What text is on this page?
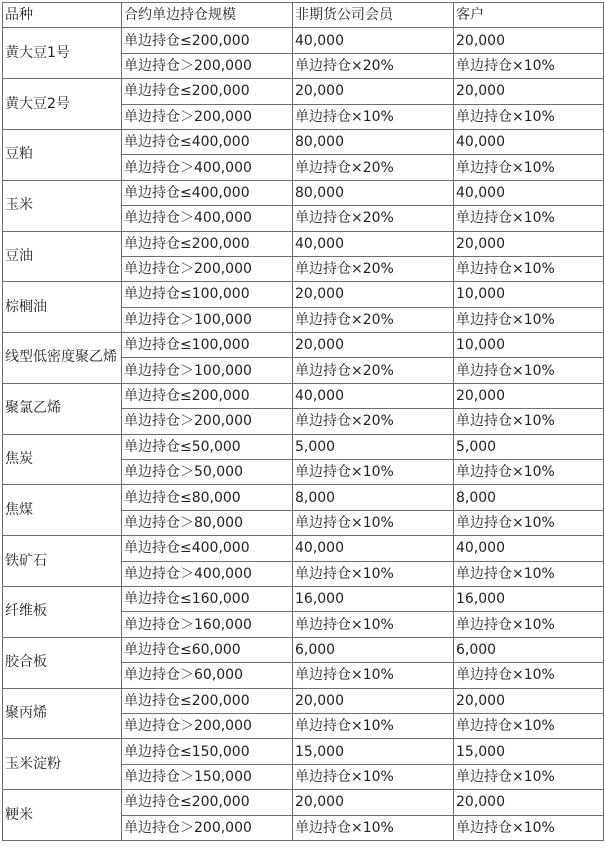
品种	合约单边持仓规模	非期货公司会员	客户
黄大豆1号	单边持仓≤200,000	40,000	20,000
	单边持仓＞200,000	单边持仓×20%	单边持仓×10%
黄大豆2号	单边持仓≤200,000	20,000	20,000
	单边持仓＞200,000	单边持仓×10%	单边持仓×10%
豆粕	单边持仓≤400,000	80,000	40,000
	单边持仓＞400,000	单边持仓×20%	单边持仓×10%
玉米	单边持仓≤400,000	80,000	40,000
	单边持仓＞400,000	单边持仓×20%	单边持仓×10%
豆油	单边持仓≤200,000	40,000	20,000
	单边持仓＞200,000	单边持仓×20%	单边持仓×10%
棕榈油	单边持仓≤100,000	20,000	10,000
	单边持仓＞100,000	单边持仓×20%	单边持仓×10%
线型低密度聚乙烯	单边持仓≤100,000	20,000	10,000
	单边持仓＞100,000	单边持仓×20%	单边持仓×10%
聚氯乙烯	单边持仓≤200,000	40,000	20,000
	单边持仓＞200,000	单边持仓×20%	单边持仓×10%
焦炭	单边持仓≤50,000	5,000	5,000
	单边持仓＞50,000	单边持仓×10%	单边持仓×10%
焦煤	单边持仓≤80,000	8,000	8,000
	单边持仓＞80,000	单边持仓×10%	单边持仓×10%
铁矿石	单边持仓≤400,000	40,000	40,000
	单边持仓＞400,000	单边持仓×10%	单边持仓×10%
纤维板	单边持仓≤160,000	16,000	16,000
	单边持仓＞160,000	单边持仓×10%	单边持仓×10%
胶合板	单边持仓≤60,000	6,000	6,000
	单边持仓＞60,000	单边持仓×10%	单边持仓×10%
聚丙烯	单边持仓≤200,000	20,000	20,000
	单边持仓＞200,000	单边持仓×10%	单边持仓×10%
玉米淀粉	单边持仓≤150,000	15,000	15,000
	单边持仓＞150,000	单边持仓×10%	单边持仓×10%
粳米	单边持仓≤200,000	20,000	20,000
	单边持仓＞200,000	单边持仓×10%	单边持仓×10%
